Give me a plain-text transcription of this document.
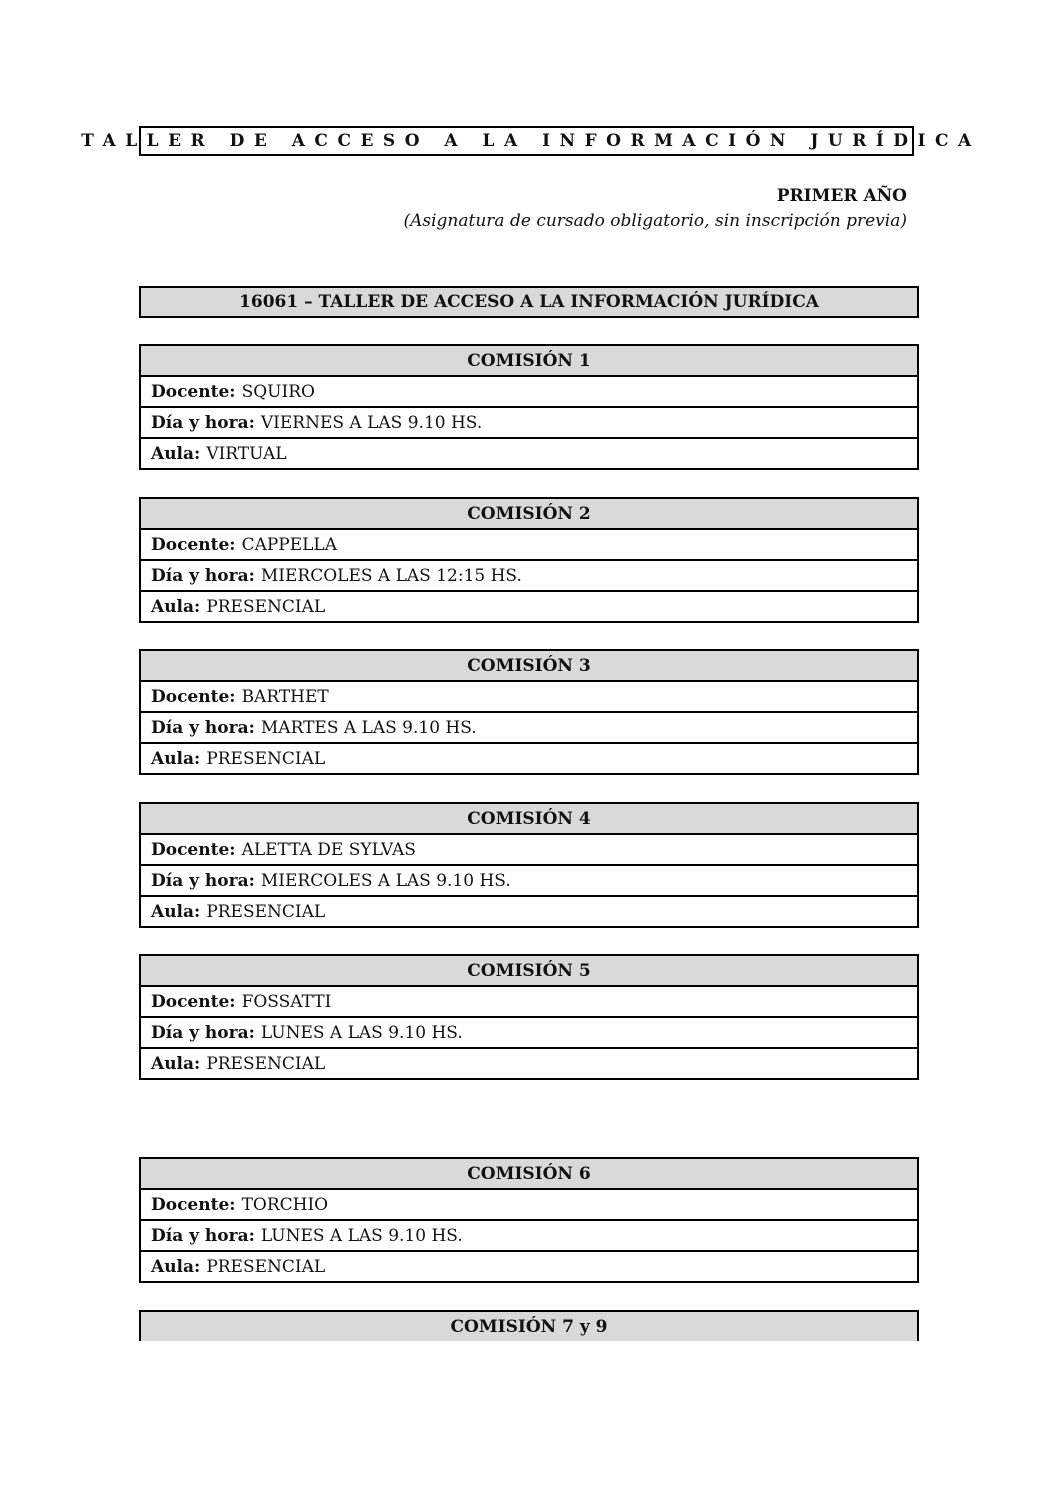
TALLER DE ACCESO A LA INFORMACIÓN JURÍDICA
PRIMER AÑO
(Asignatura de cursado obligatorio, sin inscripción previa)
16061 – TALLER DE ACCESO A LA INFORMACIÓN JURÍDICA
COMISIÓN 1
Docente: SQUIRO
Día y hora: VIERNES A LAS 9.10 HS.
Aula: VIRTUAL
COMISIÓN 2
Docente: CAPPELLA
Día y hora: MIERCOLES A LAS 12:15 HS.
Aula: PRESENCIAL
COMISIÓN 3
Docente: BARTHET
Día y hora: MARTES A LAS 9.10 HS.
Aula: PRESENCIAL
COMISIÓN 4
Docente: ALETTA DE SYLVAS
Día y hora: MIERCOLES A LAS 9.10 HS.
Aula: PRESENCIAL
COMISIÓN 5
Docente: FOSSATTI
Día y hora: LUNES A LAS 9.10 HS.
Aula: PRESENCIAL
COMISIÓN 6
Docente: TORCHIO
Día y hora: LUNES A LAS 9.10 HS.
Aula: PRESENCIAL
COMISIÓN 7 y 9
